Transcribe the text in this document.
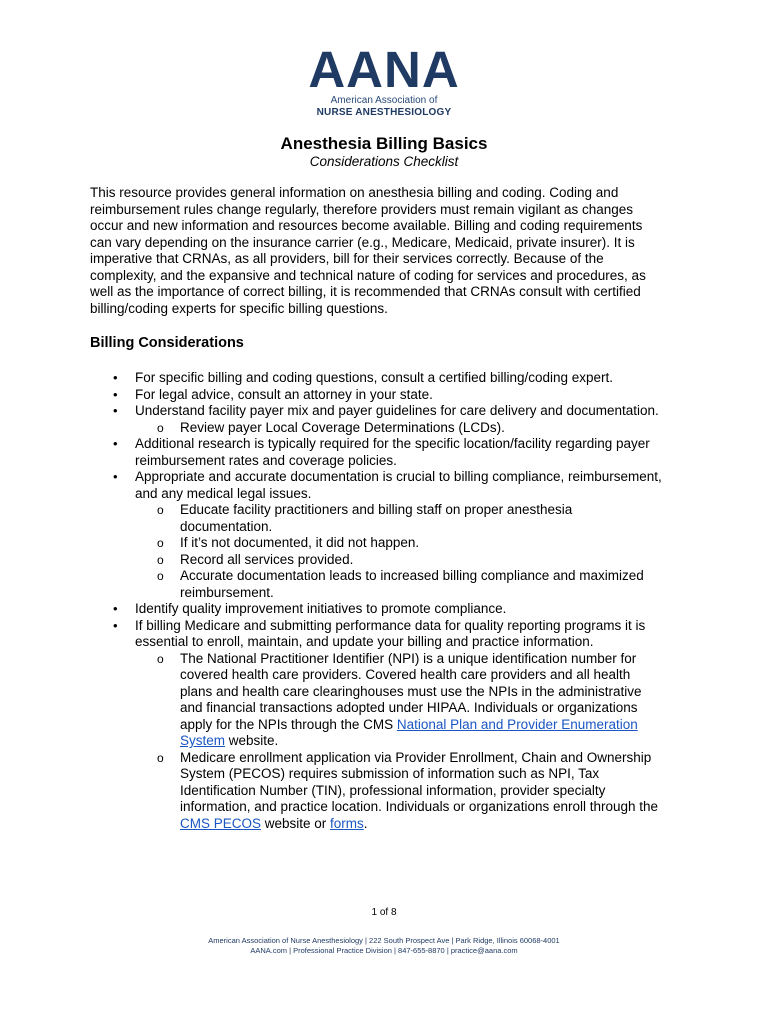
AANA
American Association of
NURSE ANESTHESIOLOGY
Anesthesia Billing Basics
Considerations Checklist
This resource provides general information on anesthesia billing and coding. Coding and
reimbursement rules change regularly, therefore providers must remain vigilant as changes
occur and new information and resources become available. Billing and coding requirements
can vary depending on the insurance carrier (e.g., Medicare, Medicaid, private insurer). It is
imperative that CRNAs, as all providers, bill for their services correctly. Because of the
complexity, and the expansive and technical nature of coding for services and procedures, as
well as the importance of correct billing, it is recommended that CRNAs consult with certified
billing/coding experts for specific billing questions.
Billing Considerations
• For specific billing and coding questions, consult a certified billing/coding expert.
• For legal advice, consult an attorney in your state.
• Understand facility payer mix and payer guidelines for care delivery and documentation.
o Review payer Local Coverage Determinations (LCDs).
• Additional research is typically required for the specific location/facility regarding payer
reimbursement rates and coverage policies.
• Appropriate and accurate documentation is crucial to billing compliance, reimbursement,
and any medical legal issues.
o Educate facility practitioners and billing staff on proper anesthesia
documentation.
o If it’s not documented, it did not happen.
o Record all services provided.
o Accurate documentation leads to increased billing compliance and maximized
reimbursement.
• Identify quality improvement initiatives to promote compliance.
• If billing Medicare and submitting performance data for quality reporting programs it is
essential to enroll, maintain, and update your billing and practice information.
o The National Practitioner Identifier (NPI) is a unique identification number for
covered health care providers. Covered health care providers and all health
plans and health care clearinghouses must use the NPIs in the administrative
and financial transactions adopted under HIPAA. Individuals or organizations
apply for the NPIs through the CMS National Plan and Provider Enumeration
System website.
o Medicare enrollment application via Provider Enrollment, Chain and Ownership
System (PECOS) requires submission of information such as NPI, Tax
Identification Number (TIN), professional information, provider specialty
information, and practice location. Individuals or organizations enroll through the
CMS PECOS website or forms.
1 of 8
American Association of Nurse Anesthesiology | 222 South Prospect Ave | Park Ridge, Illinois 60068-4001
AANA.com | Professional Practice Division | 847-655-8870 | practice@aana.com
